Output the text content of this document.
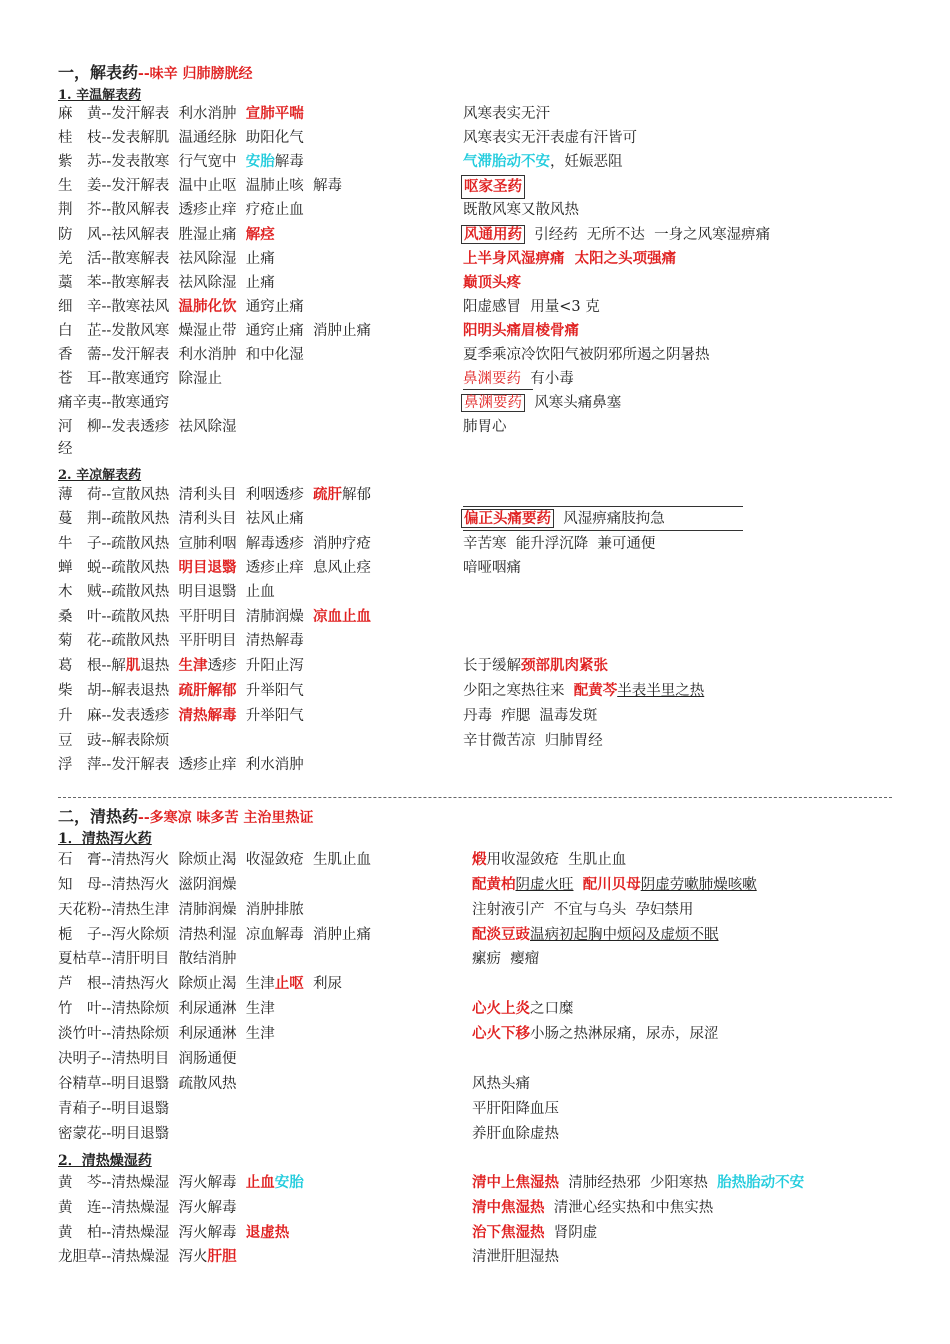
一，解表药--味辛 归肺膀胱经
1. 辛温解表药
麻　黄--发汗解表  利水消肿  宣肺平喘	风寒表实无汗
桂　枝--发表解肌  温通经脉  助阳化气	风寒表实无汗表虚有汗皆可
紫　苏--发表散寒  行气宽中  安胎解毒	气滞胎动不安，妊娠恶阻
生　姜--发汗解表  温中止呕  温肺止咳  解毒	呕家圣药
荆　芥--散风解表  透疹止痒  疗疮止血	既散风寒又散风热
防　风--祛风解表  胜湿止痛  解痉	风通用药  引经药  无所不达  一身之风寒湿痹痛
羌　活--散寒解表  祛风除湿  止痛	上半身风湿痹痛  太阳之头项强痛
藁　苯--散寒解表  祛风除湿  止痛	巅顶头疼
细　辛--散寒祛风  温肺化饮  通窍止痛	阳虚感冒  用量<3 克
白　芷--发散风寒  燥湿止带  通窍止痛  消肿止痛	阳明头痛眉棱骨痛
香　薷--发汗解表  利水消肿  和中化湿	夏季乘凉冷饮阳气被阴邪所遏之阴暑热
苍　耳--散寒通窍  除湿止	鼻渊要药  有小毒
痛辛夷--散寒通窍	鼻渊要药  风寒头痛鼻塞
河　柳--发表透疹  祛风除湿	肺胃心
经
2. 辛凉解表药
薄　荷--宣散风热  清利头目  利咽透疹  疏肝解郁
蔓　荆--疏散风热  清利头目  祛风止痛	偏正头痛要药  风湿痹痛肢拘急
牛　子--疏散风热  宣肺利咽  解毒透疹  消肿疗疮	辛苦寒  能升浮沉降  兼可通便
蝉　蜕--疏散风热  明目退翳  透疹止痒  息风止痉	喑哑咽痛
木　贼--疏散风热  明目退翳  止血
桑　叶--疏散风热  平肝明目  清肺润燥  凉血止血
菊　花--疏散风热  平肝明目  清热解毒
葛　根--解肌退热  生津透疹  升阳止泻	长于缓解颈部肌肉紧张
柴　胡--解表退热  疏肝解郁  升举阳气	少阳之寒热往来  配黄芩半表半里之热
升　麻--发表透疹  清热解毒  升举阳气	丹毒  痄腮  温毒发斑
豆　豉--解表除烦	辛甘微苦凉  归肺胃经
浮　萍--发汗解表  透疹止痒  利水消肿
二，清热药--多寒凉 味多苦 主治里热证
1．清热泻火药
石　膏--清热泻火  除烦止渴  收湿敛疮  生肌止血	煅用收湿敛疮  生肌止血
知　母--清热泻火  滋阴润燥	配黄柏阴虚火旺 配川贝母阴虚劳嗽肺燥咳嗽
天花粉--清热生津  清肺润燥  消肿排脓	注射液引产  不宜与乌头  孕妇禁用
栀　子--泻火除烦  清热利湿  凉血解毒  消肿止痛	配淡豆豉温病初起胸中烦闷及虚烦不眠
夏枯草--清肝明目  散结消肿	瘰疬  瘿瘤
芦　根--清热泻火  除烦止渴  生津止呕  利尿
竹　叶--清热除烦  利尿通淋  生津	心火上炎之口糜
淡竹叶--清热除烦  利尿通淋  生津	心火下移小肠之热淋尿痛，尿赤，尿涩
决明子--清热明目  润肠通便
谷精草--明目退翳  疏散风热	风热头痛
青葙子--明目退翳	平肝阳降血压
密蒙花--明目退翳	养肝血除虚热
2．清热燥湿药
黄　芩--清热燥湿  泻火解毒  止血安胎	清中上焦湿热  清肺经热邪  少阳寒热  胎热胎动不安
黄　连--清热燥湿  泻火解毒	清中焦湿热  清泄心经实热和中焦实热
黄　柏--清热燥湿  泻火解毒  退虚热	治下焦湿热  肾阴虚
龙胆草--清热燥湿  泻火肝胆	清泄肝胆湿热
